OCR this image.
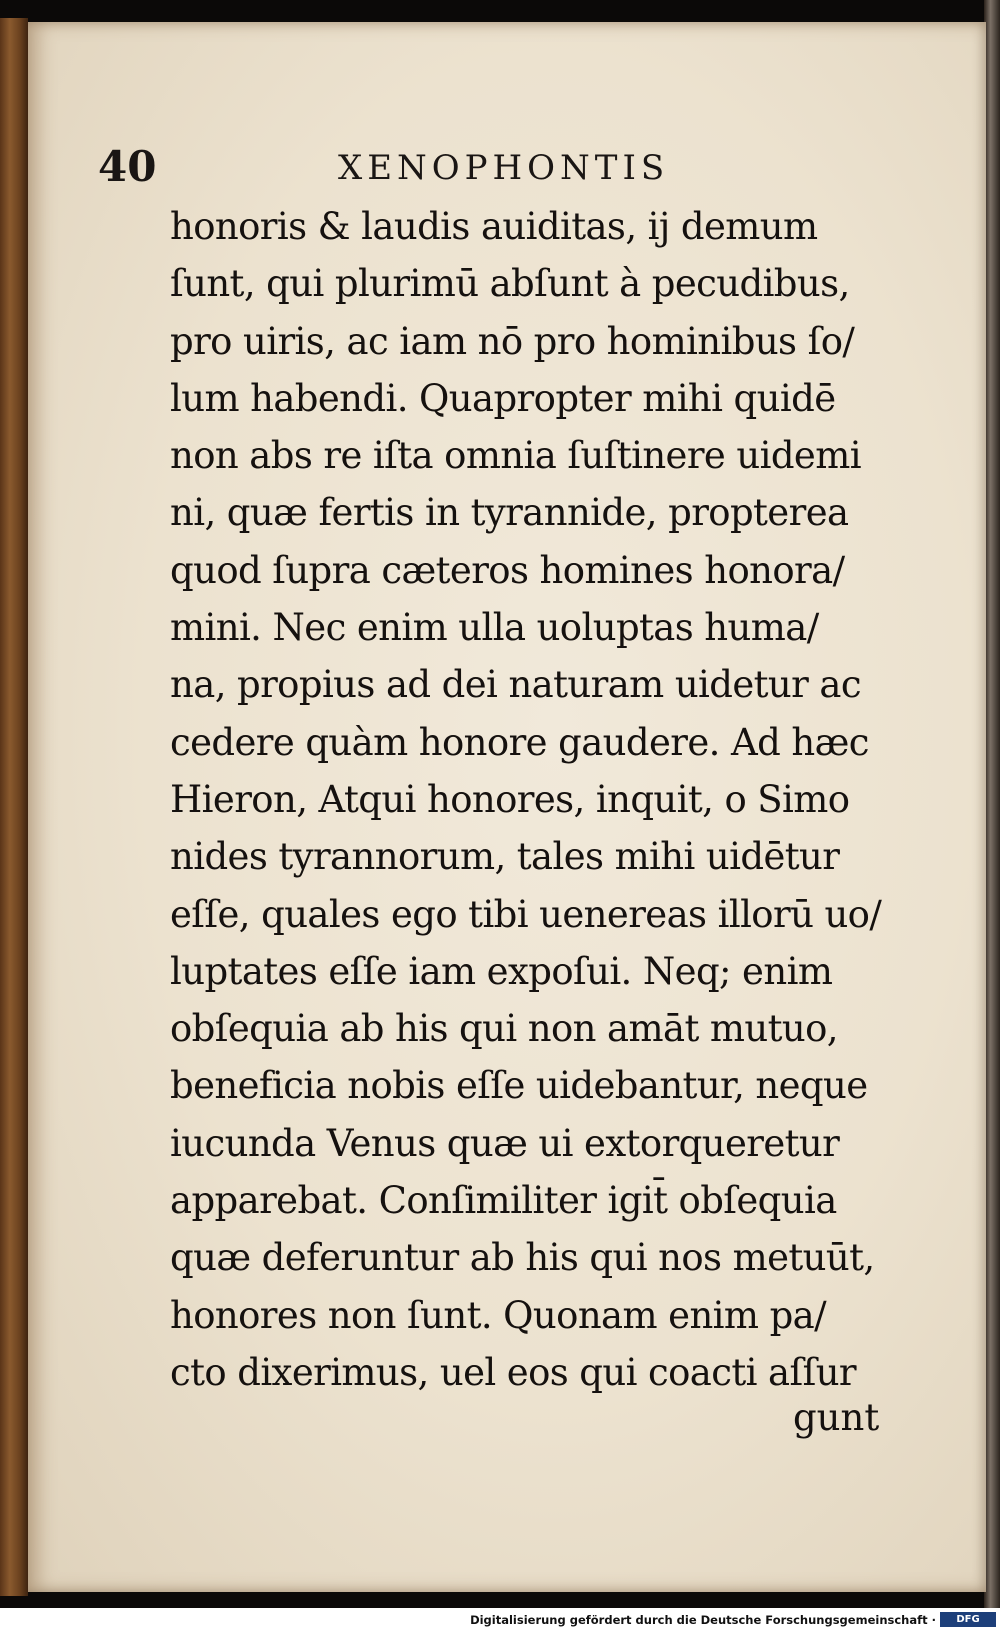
40	XENOPHONTIS
honoris & laudis auiditas, ij demum
ſunt, qui plurimū abſunt à pecudibus,
pro uiris, ac iam nō pro hominibus ſo/
lum habendi. Quapropter mihi quidē
non abs re iſta omnia ſuſtinere uidemi
ni, quæ fertis in tyrannide, propterea
quod ſupra cæteros homines honora/
mini. Nec enim ulla uoluptas huma/
na, propius ad dei naturam uidetur ac
cedere quàm honore gaudere. Ad hæc
Hieron, Atqui honores, inquit, o Simo
nides tyrannorum, tales mihi uidētur
eſſe, quales ego tibi uenereas illorū uo/
luptates eſſe iam expoſui. Neq; enim
obſequia ab his qui non amāt mutuo,
beneficia nobis eſſe uidebantur, neque
iucunda Venus quæ ui extorqueretur
apparebat. Conſimiliter igit̄ obſequia
quæ deferuntur ab his qui nos metuūt,
honores non ſunt. Quonam enim pa/
cto dixerimus, uel eos qui coacti aſſur
gunt
Digitalisierung gefördert durch die Deutsche Forschungsgemeinschaft ·	DFG
